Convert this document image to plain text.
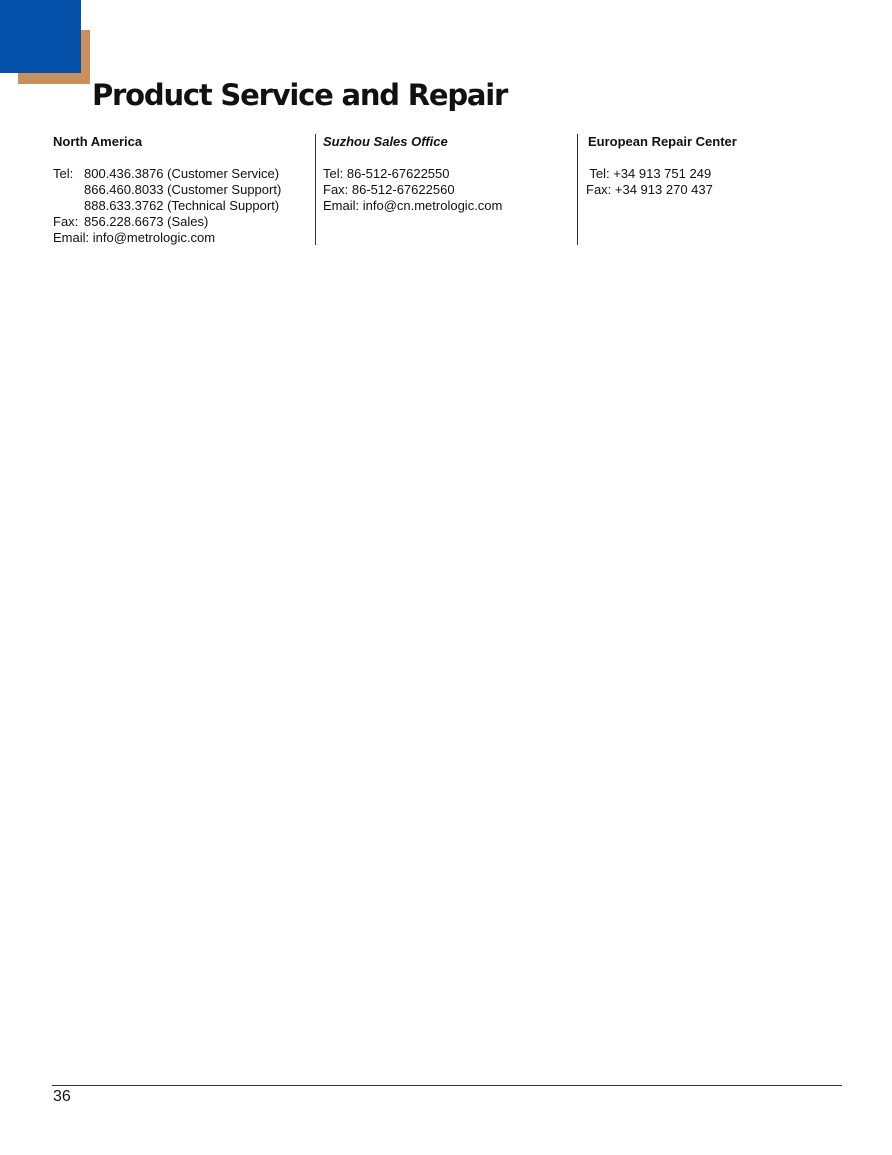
Product Service and Repair
North America
Tel: 800.436.3876 (Customer Service)
866.460.8033 (Customer Support)
888.633.3762 (Technical Support)
Fax: 856.228.6673 (Sales)
Email: info@metrologic.com
Suzhou Sales Office
Tel: 86-512-67622550
Fax: 86-512-67622560
Email: info@cn.metrologic.com
European Repair Center
Tel: +34 913 751 249
Fax: +34 913 270 437
36
